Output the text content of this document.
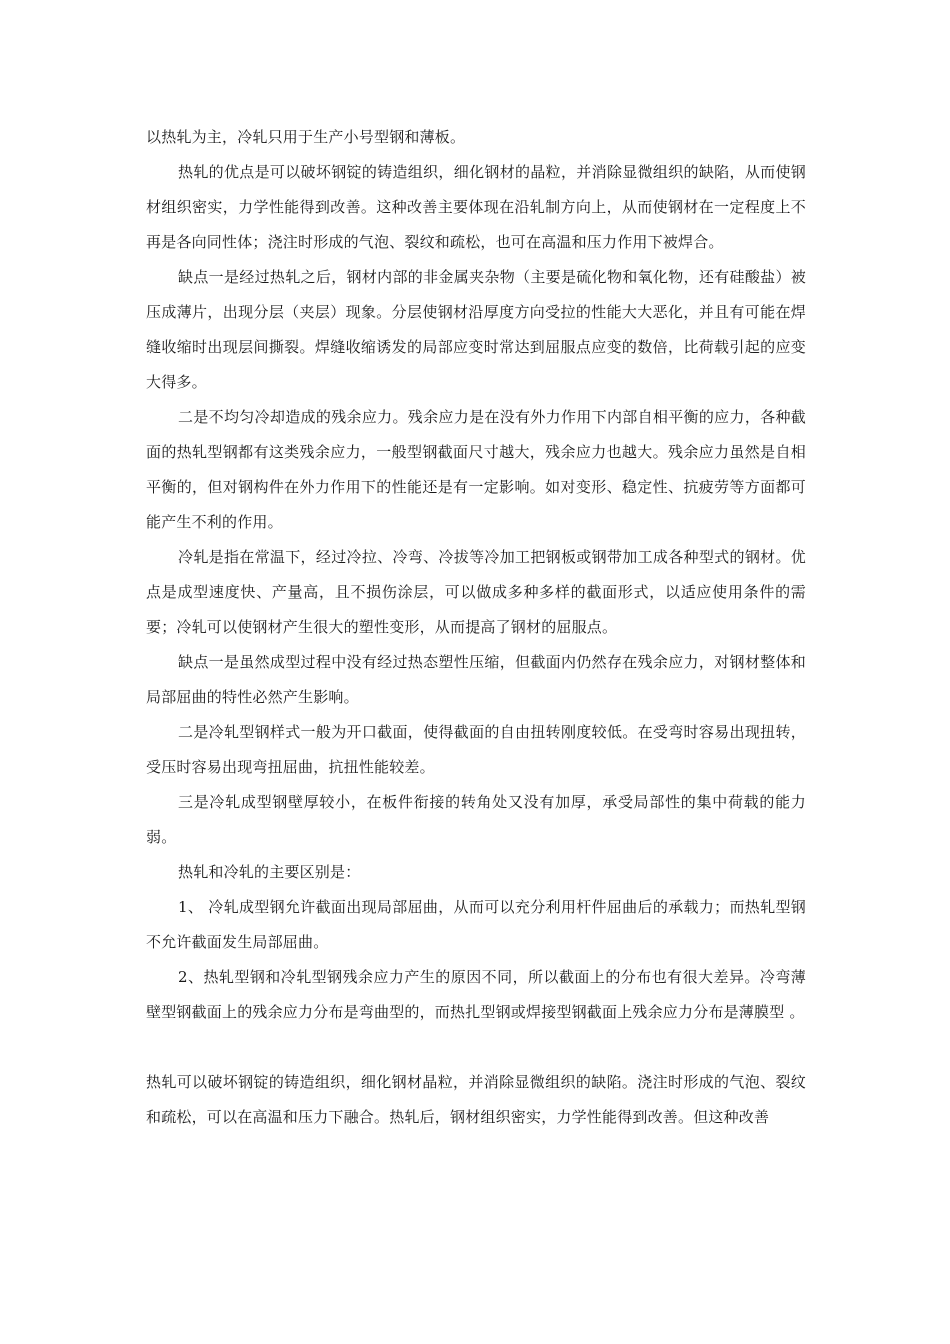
以热轧为主，冷轧只用于生产小号型钢和薄板。

热轧的优点是可以破坏钢锭的铸造组织，细化钢材的晶粒，并消除显微组织的缺陷，从而使钢材组织密实，力学性能得到改善。这种改善主要体现在沿轧制方向上，从而使钢材在一定程度上不再是各向同性体；浇注时形成的气泡、裂纹和疏松，也可在高温和压力作用下被焊合。

缺点一是经过热轧之后，钢材内部的非金属夹杂物（主要是硫化物和氧化物，还有硅酸盐）被压成薄片，出现分层（夹层）现象。分层使钢材沿厚度方向受拉的性能大大恶化，并且有可能在焊缝收缩时出现层间撕裂。焊缝收缩诱发的局部应变时常达到屈服点应变的数倍，比荷载引起的应变大得多。

二是不均匀冷却造成的残余应力。残余应力是在没有外力作用下内部自相平衡的应力，各种截面的热轧型钢都有这类残余应力，一般型钢截面尺寸越大，残余应力也越大。残余应力虽然是自相平衡的，但对钢构件在外力作用下的性能还是有一定影响。如对变形、稳定性、抗疲劳等方面都可能产生不利的作用。

冷轧是指在常温下，经过冷拉、冷弯、冷拔等冷加工把钢板或钢带加工成各种型式的钢材。优点是成型速度快、产量高，且不损伤涂层，可以做成多种多样的截面形式，以适应使用条件的需要；冷轧可以使钢材产生很大的塑性变形，从而提高了钢材的屈服点。

缺点一是虽然成型过程中没有经过热态塑性压缩，但截面内仍然存在残余应力，对钢材整体和局部屈曲的特性必然产生影响。

二是冷轧型钢样式一般为开口截面，使得截面的自由扭转刚度较低。在受弯时容易出现扭转，受压时容易出现弯扭屈曲，抗扭性能较差。

三是冷轧成型钢壁厚较小，在板件衔接的转角处又没有加厚，承受局部性的集中荷载的能力弱。

热轧和冷轧的主要区别是：

1、 冷轧成型钢允许截面出现局部屈曲，从而可以充分利用杆件屈曲后的承载力；而热轧型钢不允许截面发生局部屈曲。

2、热轧型钢和冷轧型钢残余应力产生的原因不同，所以截面上的分布也有很大差异。冷弯薄壁型钢截面上的残余应力分布是弯曲型的，而热扎型钢或焊接型钢截面上残余应力分布是薄膜型 。

热轧可以破坏钢锭的铸造组织，细化钢材晶粒，并消除显微组织的缺陷。浇注时形成的气泡、裂纹和疏松，可以在高温和压力下融合。热轧后，钢材组织密实，力学性能得到改善。但这种改善
